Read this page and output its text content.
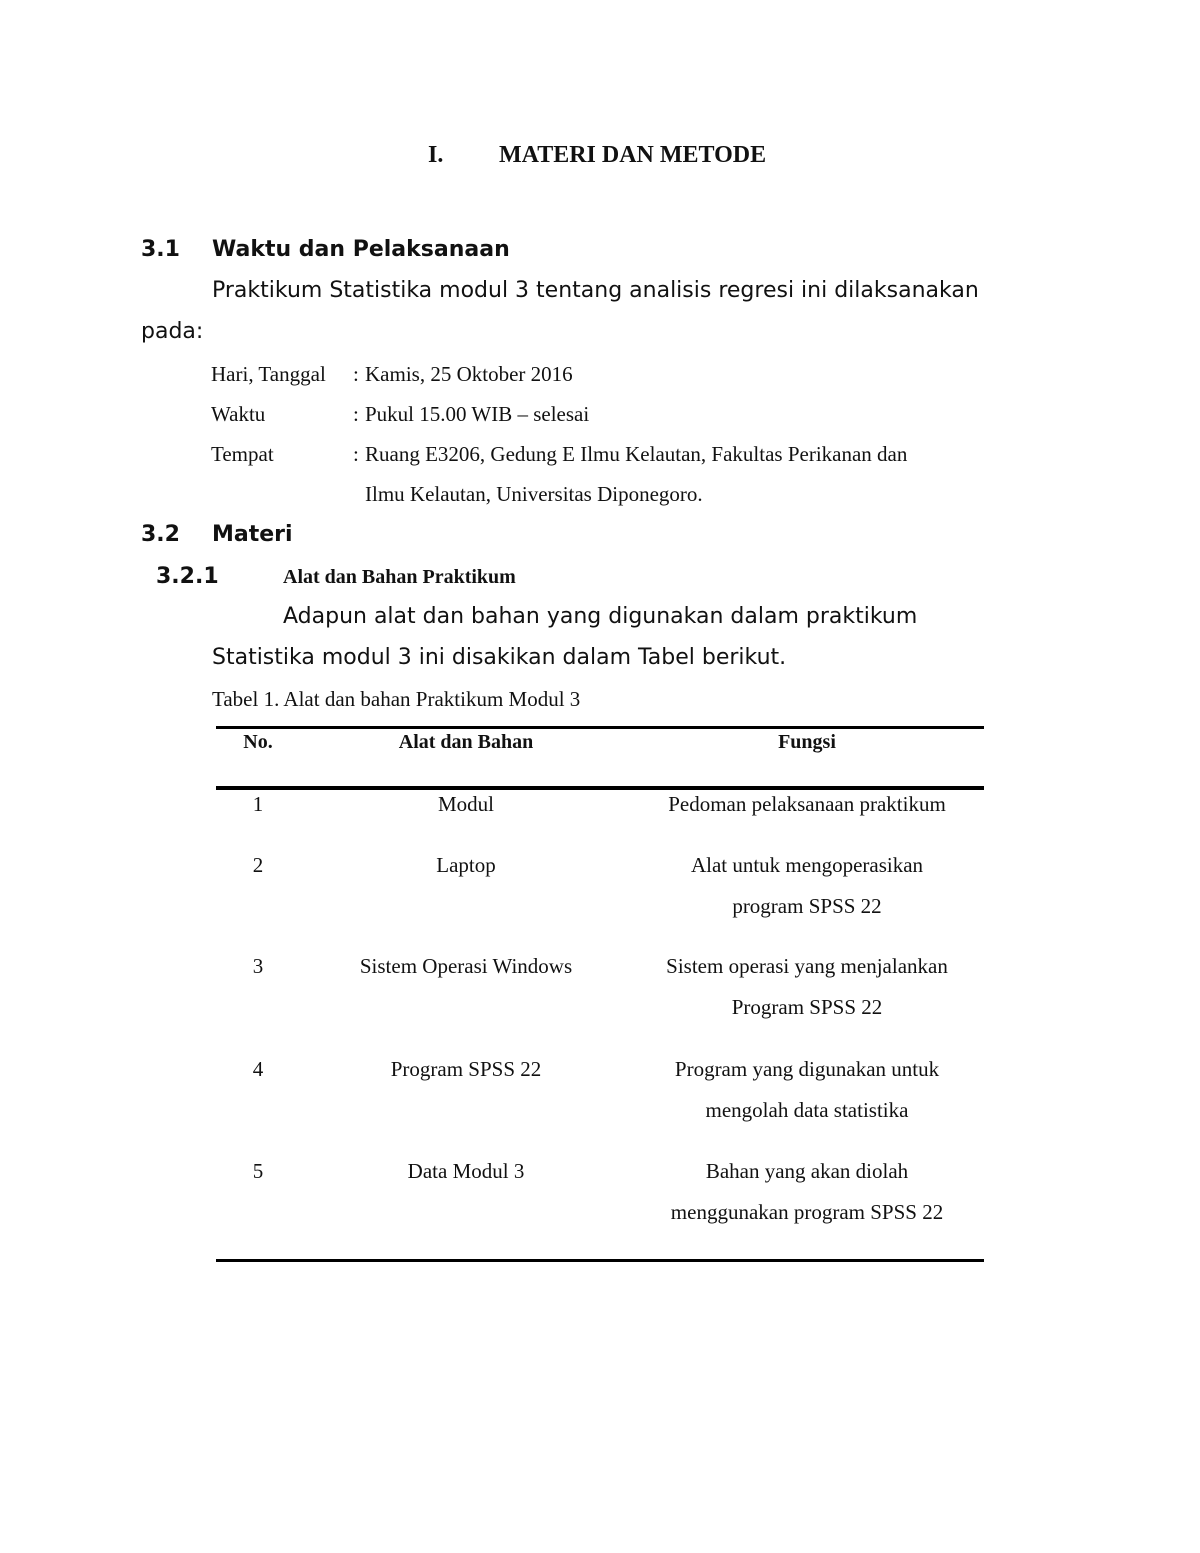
I. MATERI DAN METODE
3.1 Waktu dan Pelaksanaan
Praktikum Statistika modul 3 tentang analisis regresi ini dilaksanakan
pada:
Hari, Tanggal : Kamis, 25 Oktober 2016
Waktu	: Pukul 15.00 WIB – selesai
Tempat	: Ruang E3206, Gedung E Ilmu Kelautan, Fakultas Perikanan dan
Ilmu Kelautan, Universitas Diponegoro.
3.2 Materi
3.2.1	Alat dan Bahan Praktikum
Adapun alat dan bahan yang digunakan dalam praktikum
Statistika modul 3 ini disakikan dalam Tabel berikut.
Tabel 1. Alat dan bahan Praktikum Modul 3
No.	Alat dan Bahan	Fungsi
1	Modul	Pedoman pelaksanaan praktikum
2	Laptop	Alat untuk mengoperasikan
program SPSS 22
3	Sistem Operasi Windows	Sistem operasi yang menjalankan
Program SPSS 22
4	Program SPSS 22	Program yang digunakan untuk
mengolah data statistika
5	Data Modul 3	Bahan yang akan diolah
menggunakan program SPSS 22
